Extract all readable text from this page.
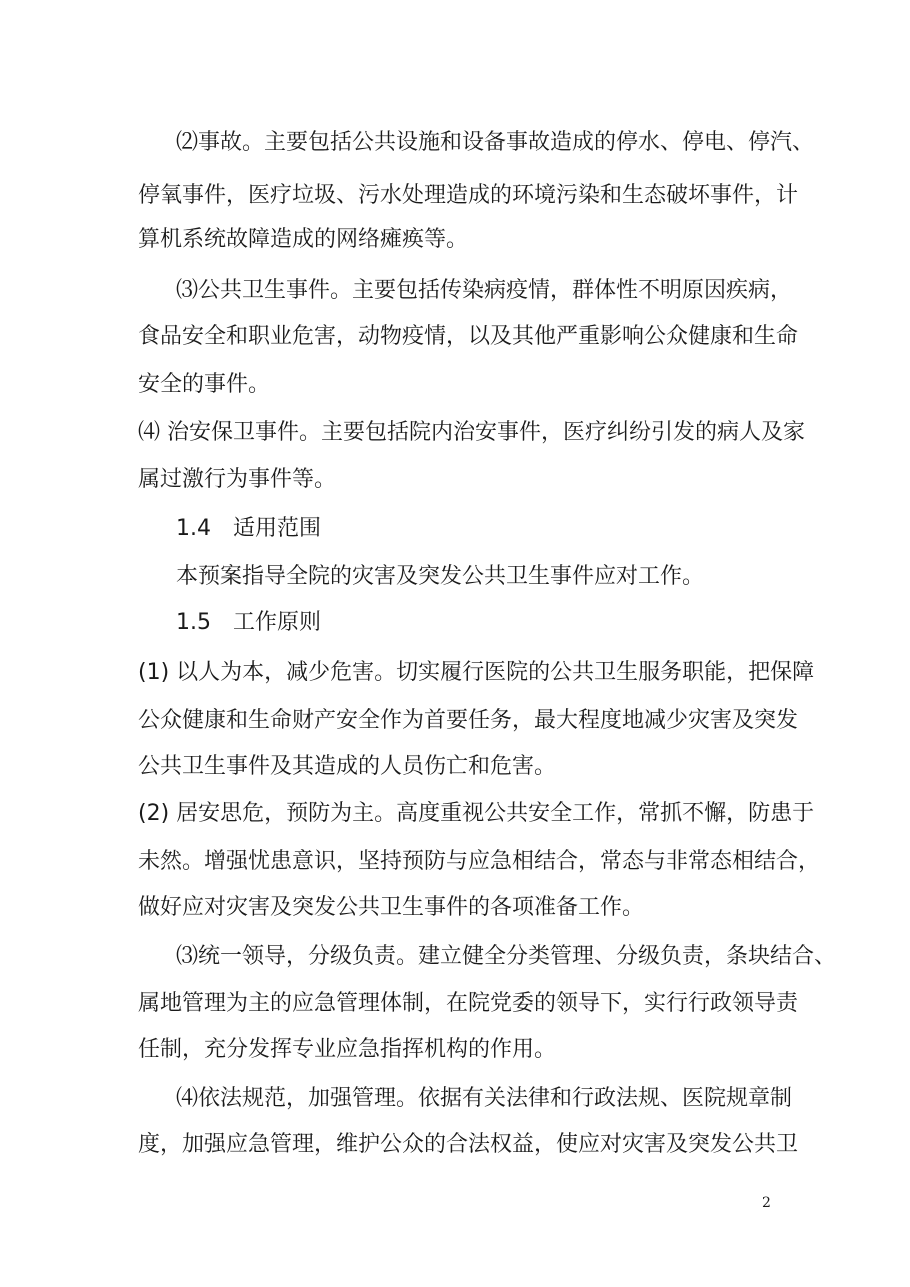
⑵事故。主要包括公共设施和设备事故造成的停水、停电、停汽、
停氧事件，医疗垃圾、污水处理造成的环境污染和生态破坏事件，计
算机系统故障造成的网络瘫痪等。
⑶公共卫生事件。主要包括传染病疫情，群体性不明原因疾病，
食品安全和职业危害，动物疫情，以及其他严重影响公众健康和生命
安全的事件。
⑷ 治安保卫事件。主要包括院内治安事件，医疗纠纷引发的病人及家
属过激行为事件等。
1.4　适用范围
本预案指导全院的灾害及突发公共卫生事件应对工作。
1.5　工作原则
(1) 以人为本，减少危害。切实履行医院的公共卫生服务职能，把保障
公众健康和生命财产安全作为首要任务，最大程度地减少灾害及突发
公共卫生事件及其造成的人员伤亡和危害。
(2) 居安思危，预防为主。高度重视公共安全工作，常抓不懈，防患于
未然。增强忧患意识，坚持预防与应急相结合，常态与非常态相结合，
做好应对灾害及突发公共卫生事件的各项准备工作。
⑶统一领导，分级负责。建立健全分类管理、分级负责，条块结合、
属地管理为主的应急管理体制，在院党委的领导下，实行行政领导责
任制，充分发挥专业应急指挥机构的作用。
⑷依法规范，加强管理。依据有关法律和行政法规、医院规章制
度，加强应急管理，维护公众的合法权益，使应对灾害及突发公共卫
2
